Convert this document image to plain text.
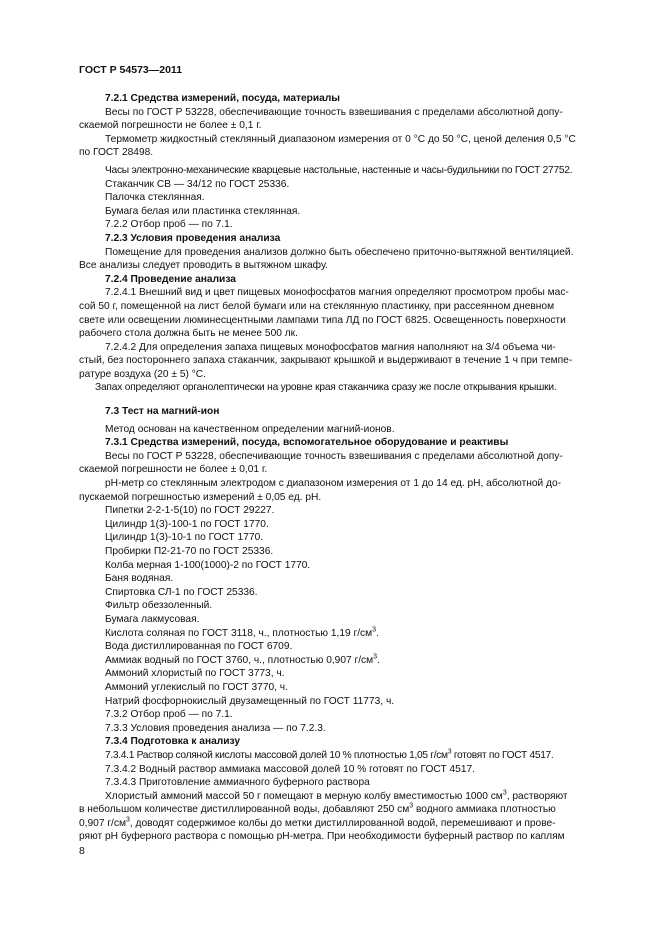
ГОСТ Р 54573—2011

7.2.1 Средства измерений, посуда, материалы

Весы по ГОСТ Р 53228, обеспечивающие точность взвешивания с пределами абсолютной допу-

скаемой погрешности не более ± 0,1 г.

Термометр жидкостный стеклянный диапазоном измерения от 0 °С до 50 °С, ценой деления 0,5 °С

по ГОСТ 28498.

Часы электронно-механические кварцевые настольные, настенные и часы-будильники по ГОСТ 27752.

Стаканчик СВ — 34/12 по ГОСТ 25336.

Палочка стеклянная.

Бумага белая или пластинка стеклянная.

7.2.2 Отбор проб — по 7.1.

7.2.3 Условия проведения анализа

Помещение для проведения анализов должно быть обеспечено приточно-вытяжной вентиляцией.

Все анализы следует проводить в вытяжном шкафу.

7.2.4 Проведение анализа

7.2.4.1 Внешний вид и цвет пищевых монофосфатов магния определяют просмотром пробы мас-

сой 50 г, помещенной на лист белой бумаги или на стеклянную пластинку, при рассеянном дневном

свете или освещении люминесцентными лампами типа ЛД по ГОСТ 6825. Освещенность поверхности

рабочего стола должна быть не менее 500 лк.

7.2.4.2 Для определения запаха пищевых монофосфатов магния наполняют на 3/4 объема чи-

стый, без постороннего запаха стаканчик, закрывают крышкой и выдерживают в течение 1 ч при темпе-

ратуре воздуха (20 ± 5) °С.

Запах определяют органолептически на уровне края стаканчика сразу же после открывания крышки.

7.3 Тест на магний-ион

Метод основан на качественном определении магний-ионов.

7.3.1 Средства измерений, посуда, вспомогательное оборудование и реактивы

Весы по ГОСТ Р 53228, обеспечивающие точность взвешивания с пределами абсолютной допу-

скаемой погрешности не более ± 0,01 г.

pH-метр со стеклянным электродом с диапазоном измерения от 1 до 14 ед. pH, абсолютной до-

пускаемой погрешностью измерений ± 0,05 ед. pH.

Пипетки 2-2-1-5(10) по ГОСТ 29227.

Цилиндр 1(3)-100-1 по ГОСТ 1770.

Цилиндр 1(3)-10-1 по ГОСТ 1770.

Пробирки П2-21-70 по ГОСТ 25336.

Колба мерная 1-100(1000)-2 по ГОСТ 1770.

Баня водяная.

Спиртовка СЛ-1 по ГОСТ 25336.

Фильтр обеззоленный.

Бумага лакмусовая.

Кислота соляная по ГОСТ 3118, ч., плотностью 1,19 $г/см^3$.

Вода дистиллированная по ГОСТ 6709.

Аммиак водный по ГОСТ 3760, ч., плотностью 0,907 $г/см^3$.

Аммоний хлористый по ГОСТ 3773, ч.

Аммоний углекислый по ГОСТ 3770, ч.

Натрий фосфорнокислый двузамещенный по ГОСТ 11773, ч.

7.3.2 Отбор проб — по 7.1.

7.3.3 Условия проведения анализа — по 7.2.3.

7.3.4 Подготовка к анализу

7.3.4.1 Раствор соляной кислоты массовой долей 10 % плотностью 1,05 $г/см^3$ готовят по ГОСТ 4517.

7.3.4.2 Водный раствор аммиака массовой долей 10 % готовят по ГОСТ 4517.

7.3.4.3 Приготовление аммиачного буферного раствора

Хлористый аммоний массой 50 г помещают в мерную колбу вместимостью 1000 $см^3$, растворяют

в небольшом количестве дистиллированной воды, добавляют 250 $см^3$ водного аммиака плотностью

0,907 $г/см^3$, доводят содержимое колбы до метки дистиллированной водой, перемешивают и прове-

ряют pH буферного раствора с помощью pH-метра. При необходимости буферный раствор по каплям

8
